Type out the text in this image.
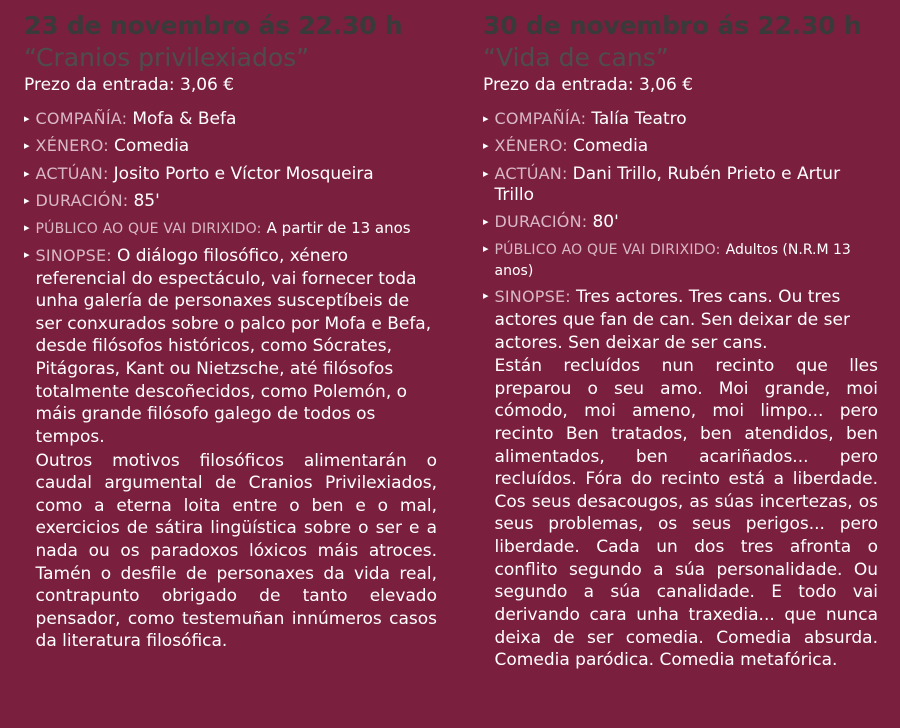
23 de novembro ás 22.30 h
“Cranios privilexiados”
Prezo da entrada: 3,06 €
▸ COMPAÑÍA: Mofa & Befa
▸ XÉNERO: Comedia
▸ ACTÚAN: Josito Porto e Víctor Mosqueira
▸ DURACIÓN: 85'
▸ PÚBLICO AO QUE VAI DIRIXIDO: A partir de 13 anos
▸ SINOPSE: O diálogo filosófico, xénero referencial do espectáculo, vai fornecer toda unha galería de personaxes susceptíbeis de ser conxurados sobre o palco por Mofa e Befa, desde filósofos históricos, como Sócrates, Pitágoras, Kant ou Nietzsche, até filósofos totalmente descoñecidos, como Polemón, o máis grande filósofo galego de todos os tempos.
Outros motivos filosóficos alimentarán o caudal argumental de Cranios Privilexiados, como a eterna loita entre o ben e o mal, exercicios de sátira lingüística sobre o ser e a nada ou os paradoxos lóxicos máis atroces. Tamén o desfile de personaxes da vida real, contrapunto obrigado de tanto elevado pensador, como testemuñan innúmeros casos da literatura filosófica.
30 de novembro ás 22.30 h
“Vida de cans”
Prezo da entrada: 3,06 €
▸ COMPAÑÍA: Talía Teatro
▸ XÉNERO: Comedia
▸ ACTÚAN: Dani Trillo, Rubén Prieto e Artur Trillo
▸ DURACIÓN: 80'
▸ PÚBLICO AO QUE VAI DIRIXIDO: Adultos (N.R.M 13 anos)
▸ SINOPSE: Tres actores. Tres cans. Ou tres actores que fan de can. Sen deixar de ser actores. Sen deixar de ser cans.
Están recluídos nun recinto que lles preparou o seu amo. Moi grande, moi cómodo, moi ameno, moi limpo... pero recinto Ben tratados, ben atendidos, ben alimentados, ben acariñados... pero recluídos. Fóra do recinto está a liberdade. Cos seus desacougos, as súas incertezas, os seus problemas, os seus perigos... pero liberdade. Cada un dos tres afronta o conflito segundo a súa personalidade. Ou segundo a súa canalidade. E todo vai derivando cara unha traxedia... que nunca deixa de ser comedia. Comedia absurda. Comedia paródica. Comedia metafórica.
